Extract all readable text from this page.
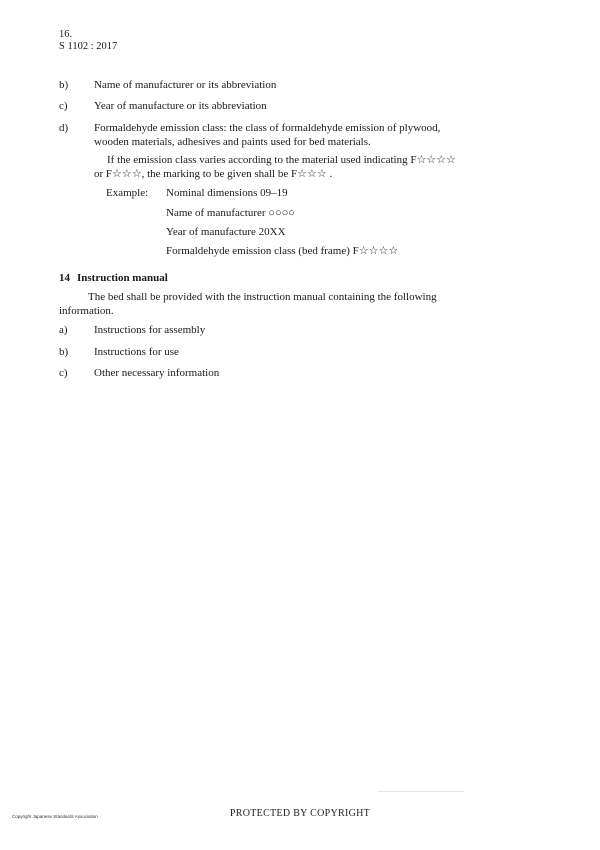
16.
S 1102 : 2017
b)	Name of manufacturer or its abbreviation
c)	Year of manufacture or its abbreviation
d)	Formaldehyde emission class: the class of formaldehyde emission of plywood,
wooden materials, adhesives and paints used for bed materials.
If the emission class varies according to the material used indicating F☆☆☆☆
or F☆☆☆, the marking to be given shall be F☆☆☆ .
Example: Nominal dimensions 09–19
Name of manufacturer ○○○○
Year of manufacture 20XX
Formaldehyde emission class (bed frame) F☆☆☆☆
14 Instruction manual
The bed shall be provided with the instruction manual containing the following
information.
a)	Instructions for assembly
b)	Instructions for use
c)	Other necessary information
Copyright Japanese Standards Association	PROTECTED BY COPYRIGHT
